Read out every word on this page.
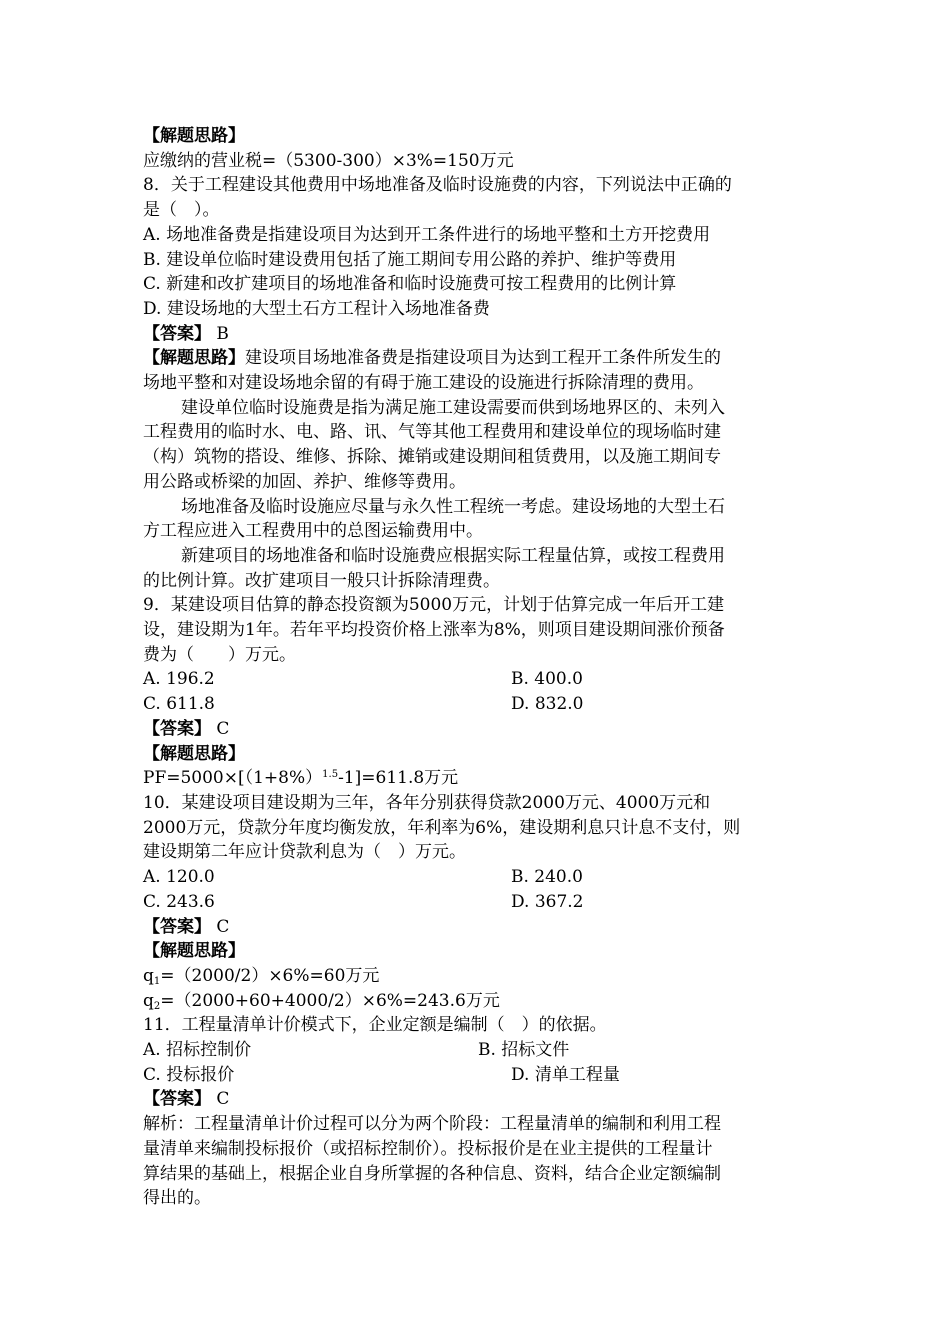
【解题思路】
应缴纳的营业税=（5300-300）×3%=150万元
8．关于工程建设其他费用中场地准备及临时设施费的内容，下列说法中正确的
是（　）。
A. 场地准备费是指建设项目为达到开工条件进行的场地平整和土方开挖费用
B. 建设单位临时建设费用包括了施工期间专用公路的养护、维护等费用
C. 新建和改扩建项目的场地准备和临时设施费可按工程费用的比例计算
D. 建设场地的大型土石方工程计入场地准备费
【答案】 B
【解题思路】建设项目场地准备费是指建设项目为达到工程开工条件所发生的
场地平整和对建设场地余留的有碍于施工建设的设施进行拆除清理的费用。
建设单位临时设施费是指为满足施工建设需要而供到场地界区的、未列入
工程费用的临时水、电、路、讯、气等其他工程费用和建设单位的现场临时建
（构）筑物的搭设、维修、拆除、摊销或建设期间租赁费用，以及施工期间专
用公路或桥梁的加固、养护、维修等费用。
场地准备及临时设施应尽量与永久性工程统一考虑。建设场地的大型土石
方工程应进入工程费用中的总图运输费用中。
新建项目的场地准备和临时设施费应根据实际工程量估算，或按工程费用
的比例计算。改扩建项目一般只计拆除清理费。
9．某建设项目估算的静态投资额为5000万元，计划于估算完成一年后开工建
设，建设期为1年。若年平均投资价格上涨率为8%，则项目建设期间涨价预备
费为（　　）万元。
A. 196.2	B. 400.0
C. 611.8	D. 832.0
【答案】 C
【解题思路】
$PF=5000\times[(1+8\%)^{1.5}-1]=611.8$万元
10．某建设项目建设期为三年，各年分别获得贷款2000万元、4000万元和
2000万元，贷款分年度均衡发放，年利率为6%，建设期利息只计息不支付，则
建设期第二年应计贷款利息为（　）万元。
A. 120.0	B. 240.0
C. 243.6	D. 367.2
【答案】 C
【解题思路】
$q_1=(2000/2)\times 6\%=60$万元
$q_2=(2000+60+4000/2)\times 6\%=243.6$万元
11．工程量清单计价模式下，企业定额是编制（　）的依据。
A. 招标控制价	B. 招标文件
C. 投标报价	D. 清单工程量
【答案】 C
解析：工程量清单计价过程可以分为两个阶段：工程量清单的编制和利用工程
量清单来编制投标报价（或招标控制价）。投标报价是在业主提供的工程量计
算结果的基础上，根据企业自身所掌握的各种信息、资料，结合企业定额编制
得出的。
